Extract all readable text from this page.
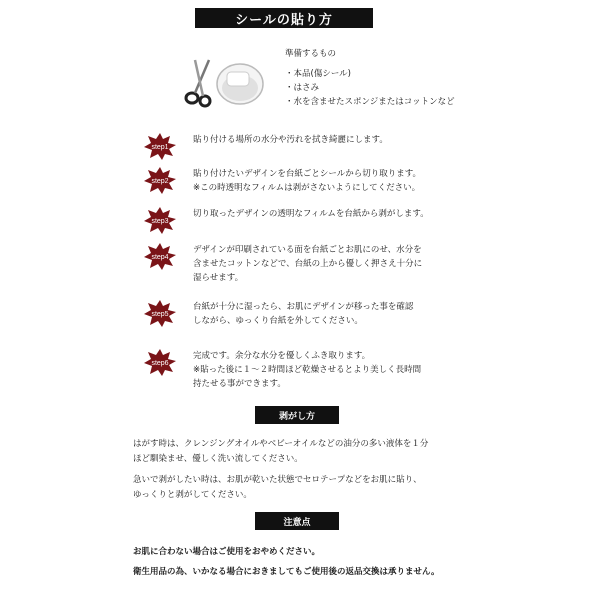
シールの貼り方
準備するもの
・本品(傷シール)
・はさみ
・水を含ませたスポンジまたはコットンなど
step1
貼り付ける場所の水分や汚れを拭き綺麗にします。
step2
貼り付けたいデザインを台紙ごとシールから切り取ります。
※この時透明なフィルムは剥がさないようにしてください。
step3
切り取ったデザインの透明なフィルムを台紙から剥がします。
step4
デザインが印刷されている面を台紙ごとお肌にのせ、水分を
含ませたコットンなどで、台紙の上から優しく押さえ十分に
湿らせます。
step5
台紙が十分に湿ったら、お肌にデザインが移った事を確認
しながら、ゆっくり台紙を外してください。
step6
完成です。余分な水分を優しくふき取ります。
※貼った後に１～２時間ほど乾燥させるとより美しく長時間
持たせる事ができます。
剥がし方
はがす時は、クレンジングオイルやベビーオイルなどの油分の多い液体を１分
ほど馴染ませ、優しく洗い流してください。
急いで剥がしたい時は、お肌が乾いた状態でセロテープなどをお肌に貼り、
ゆっくりと剥がしてください。
注意点
お肌に合わない場合はご使用をおやめください。
衛生用品の為、いかなる場合におきましてもご使用後の返品交換は承りません。
